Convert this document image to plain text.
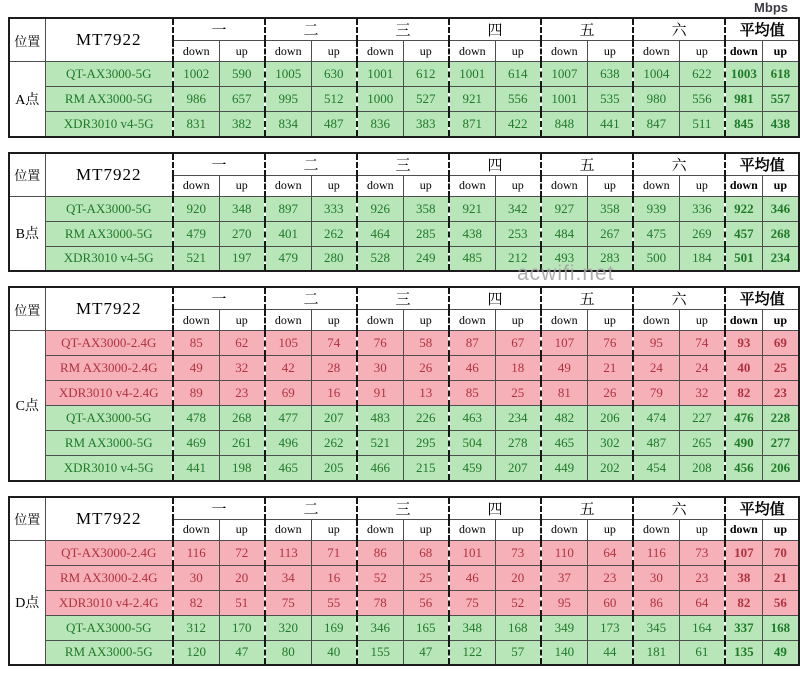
Mbps
位置	MT7922	一		二		三		四		五		六		平均值	
		down	up	down	up	down	up	down	up	down	up	down	up	down	up
A点	QT-AX3000-5G	1002	590	1005	630	1001	612	1001	614	1007	638	1004	622	1003	618
	RM AX3000-5G	986	657	995	512	1000	527	921	556	1001	535	980	556	981	557
	XDR3010 v4-5G	831	382	834	487	836	383	871	422	848	441	847	511	845	438
位置	MT7922	一		二		三		四		五		六		平均值	
		down	up	down	up	down	up	down	up	down	up	down	up	down	up
B点	QT-AX3000-5G	920	348	897	333	926	358	921	342	927	358	939	336	922	346
	RM AX3000-5G	479	270	401	262	464	285	438	253	484	267	475	269	457	268
	XDR3010 v4-5G	521	197	479	280	528	249	485	212	493	283	500	184	501	234
位置	MT7922	一		二		三		四		五		六		平均值	
		down	up	down	up	down	up	down	up	down	up	down	up	down	up
C点	QT-AX3000-2.4G	85	62	105	74	76	58	87	67	107	76	95	74	93	69
	RM AX3000-2.4G	49	32	42	28	30	26	46	18	49	21	24	24	40	25
	XDR3010 v4-2.4G	89	23	69	16	91	13	85	25	81	26	79	32	82	23
	QT-AX3000-5G	478	268	477	207	483	226	463	234	482	206	474	227	476	228
	RM AX3000-5G	469	261	496	262	521	295	504	278	465	302	487	265	490	277
	XDR3010 v4-5G	441	198	465	205	466	215	459	207	449	202	454	208	456	206
位置	MT7922	一		二		三		四		五		六		平均值	
		down	up	down	up	down	up	down	up	down	up	down	up	down	up
D点	QT-AX3000-2.4G	116	72	113	71	86	68	101	73	110	64	116	73	107	70
	RM AX3000-2.4G	30	20	34	16	52	25	46	20	37	23	30	23	38	21
	XDR3010 v4-2.4G	82	51	75	55	78	56	75	52	95	60	86	64	82	56
	QT-AX3000-5G	312	170	320	169	346	165	348	168	349	173	345	164	337	168
	RM AX3000-5G	120	47	80	40	155	47	122	57	140	44	181	61	135	49
acwifi.net
